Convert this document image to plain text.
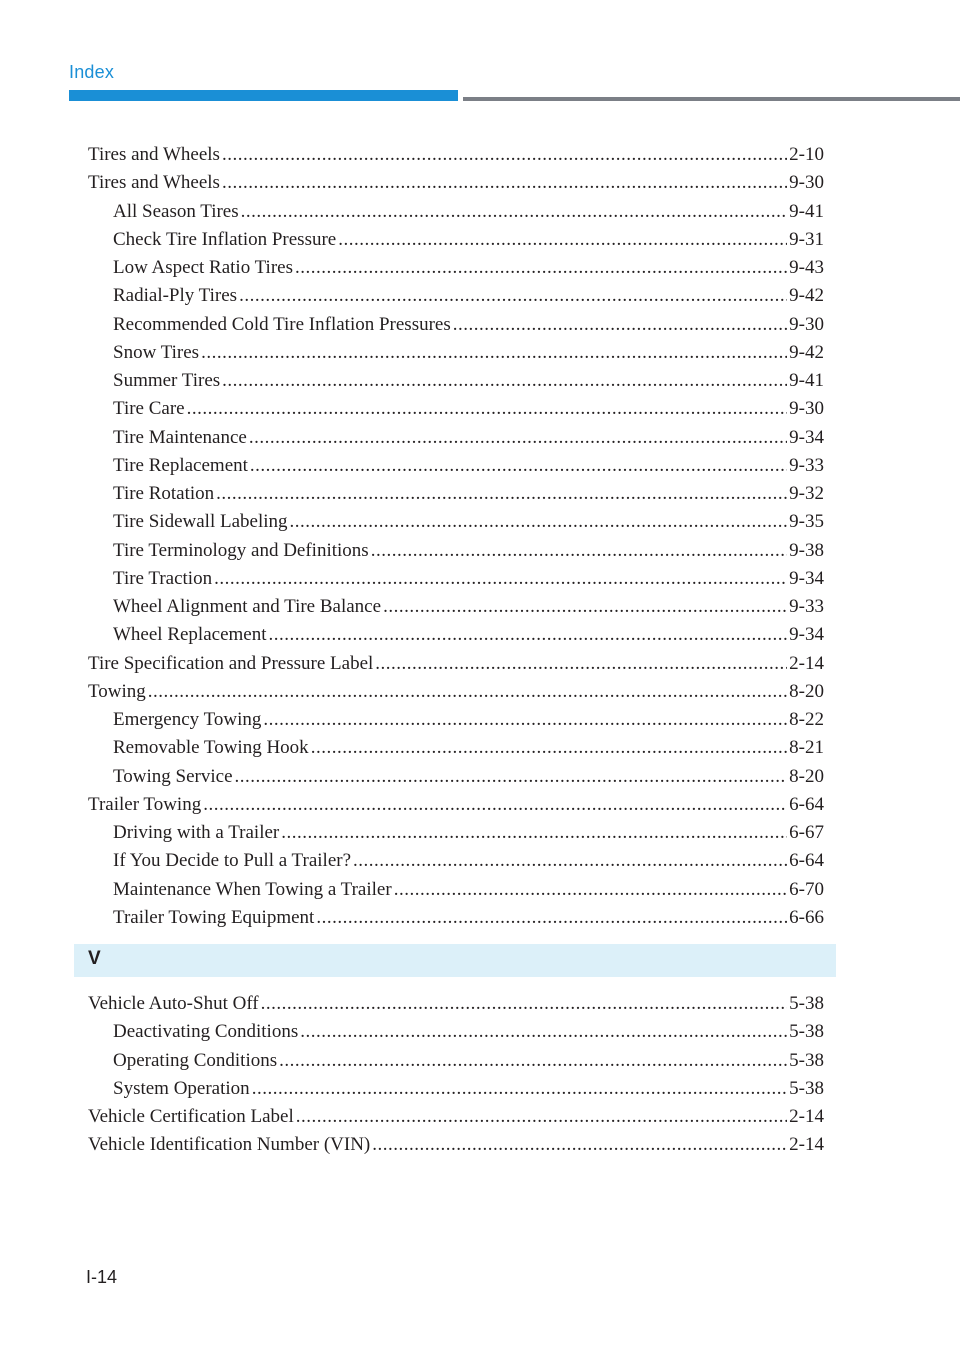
Index
Tires and Wheels .....	2-10
Tires and Wheels .....	9-30
All Season Tires .....	9-41
Check Tire Inflation Pressure .....	9-31
Low Aspect Ratio Tires .....	9-43
Radial-Ply Tires .....	9-42
Recommended Cold Tire Inflation Pressures .....	9-30
Snow Tires .....	9-42
Summer Tires .....	9-41
Tire Care .....	9-30
Tire Maintenance .....	9-34
Tire Replacement .....	9-33
Tire Rotation .....	9-32
Tire Sidewall Labeling .....	9-35
Tire Terminology and Definitions .....	9-38
Tire Traction .....	9-34
Wheel Alignment and Tire Balance .....	9-33
Wheel Replacement .....	9-34
Tire Specification and Pressure Label .....	2-14
Towing .....	8-20
Emergency Towing .....	8-22
Removable Towing Hook .....	8-21
Towing Service .....	8-20
Trailer Towing .....	6-64
Driving with a Trailer .....	6-67
If You Decide to Pull a Trailer? .....	6-64
Maintenance When Towing a Trailer .....	6-70
Trailer Towing Equipment .....	6-66
V
Vehicle Auto-Shut Off .....	5-38
Deactivating Conditions .....	5-38
Operating Conditions .....	5-38
System Operation .....	5-38
Vehicle Certification Label .....	2-14
Vehicle Identification Number (VIN) .....	2-14
I-14
